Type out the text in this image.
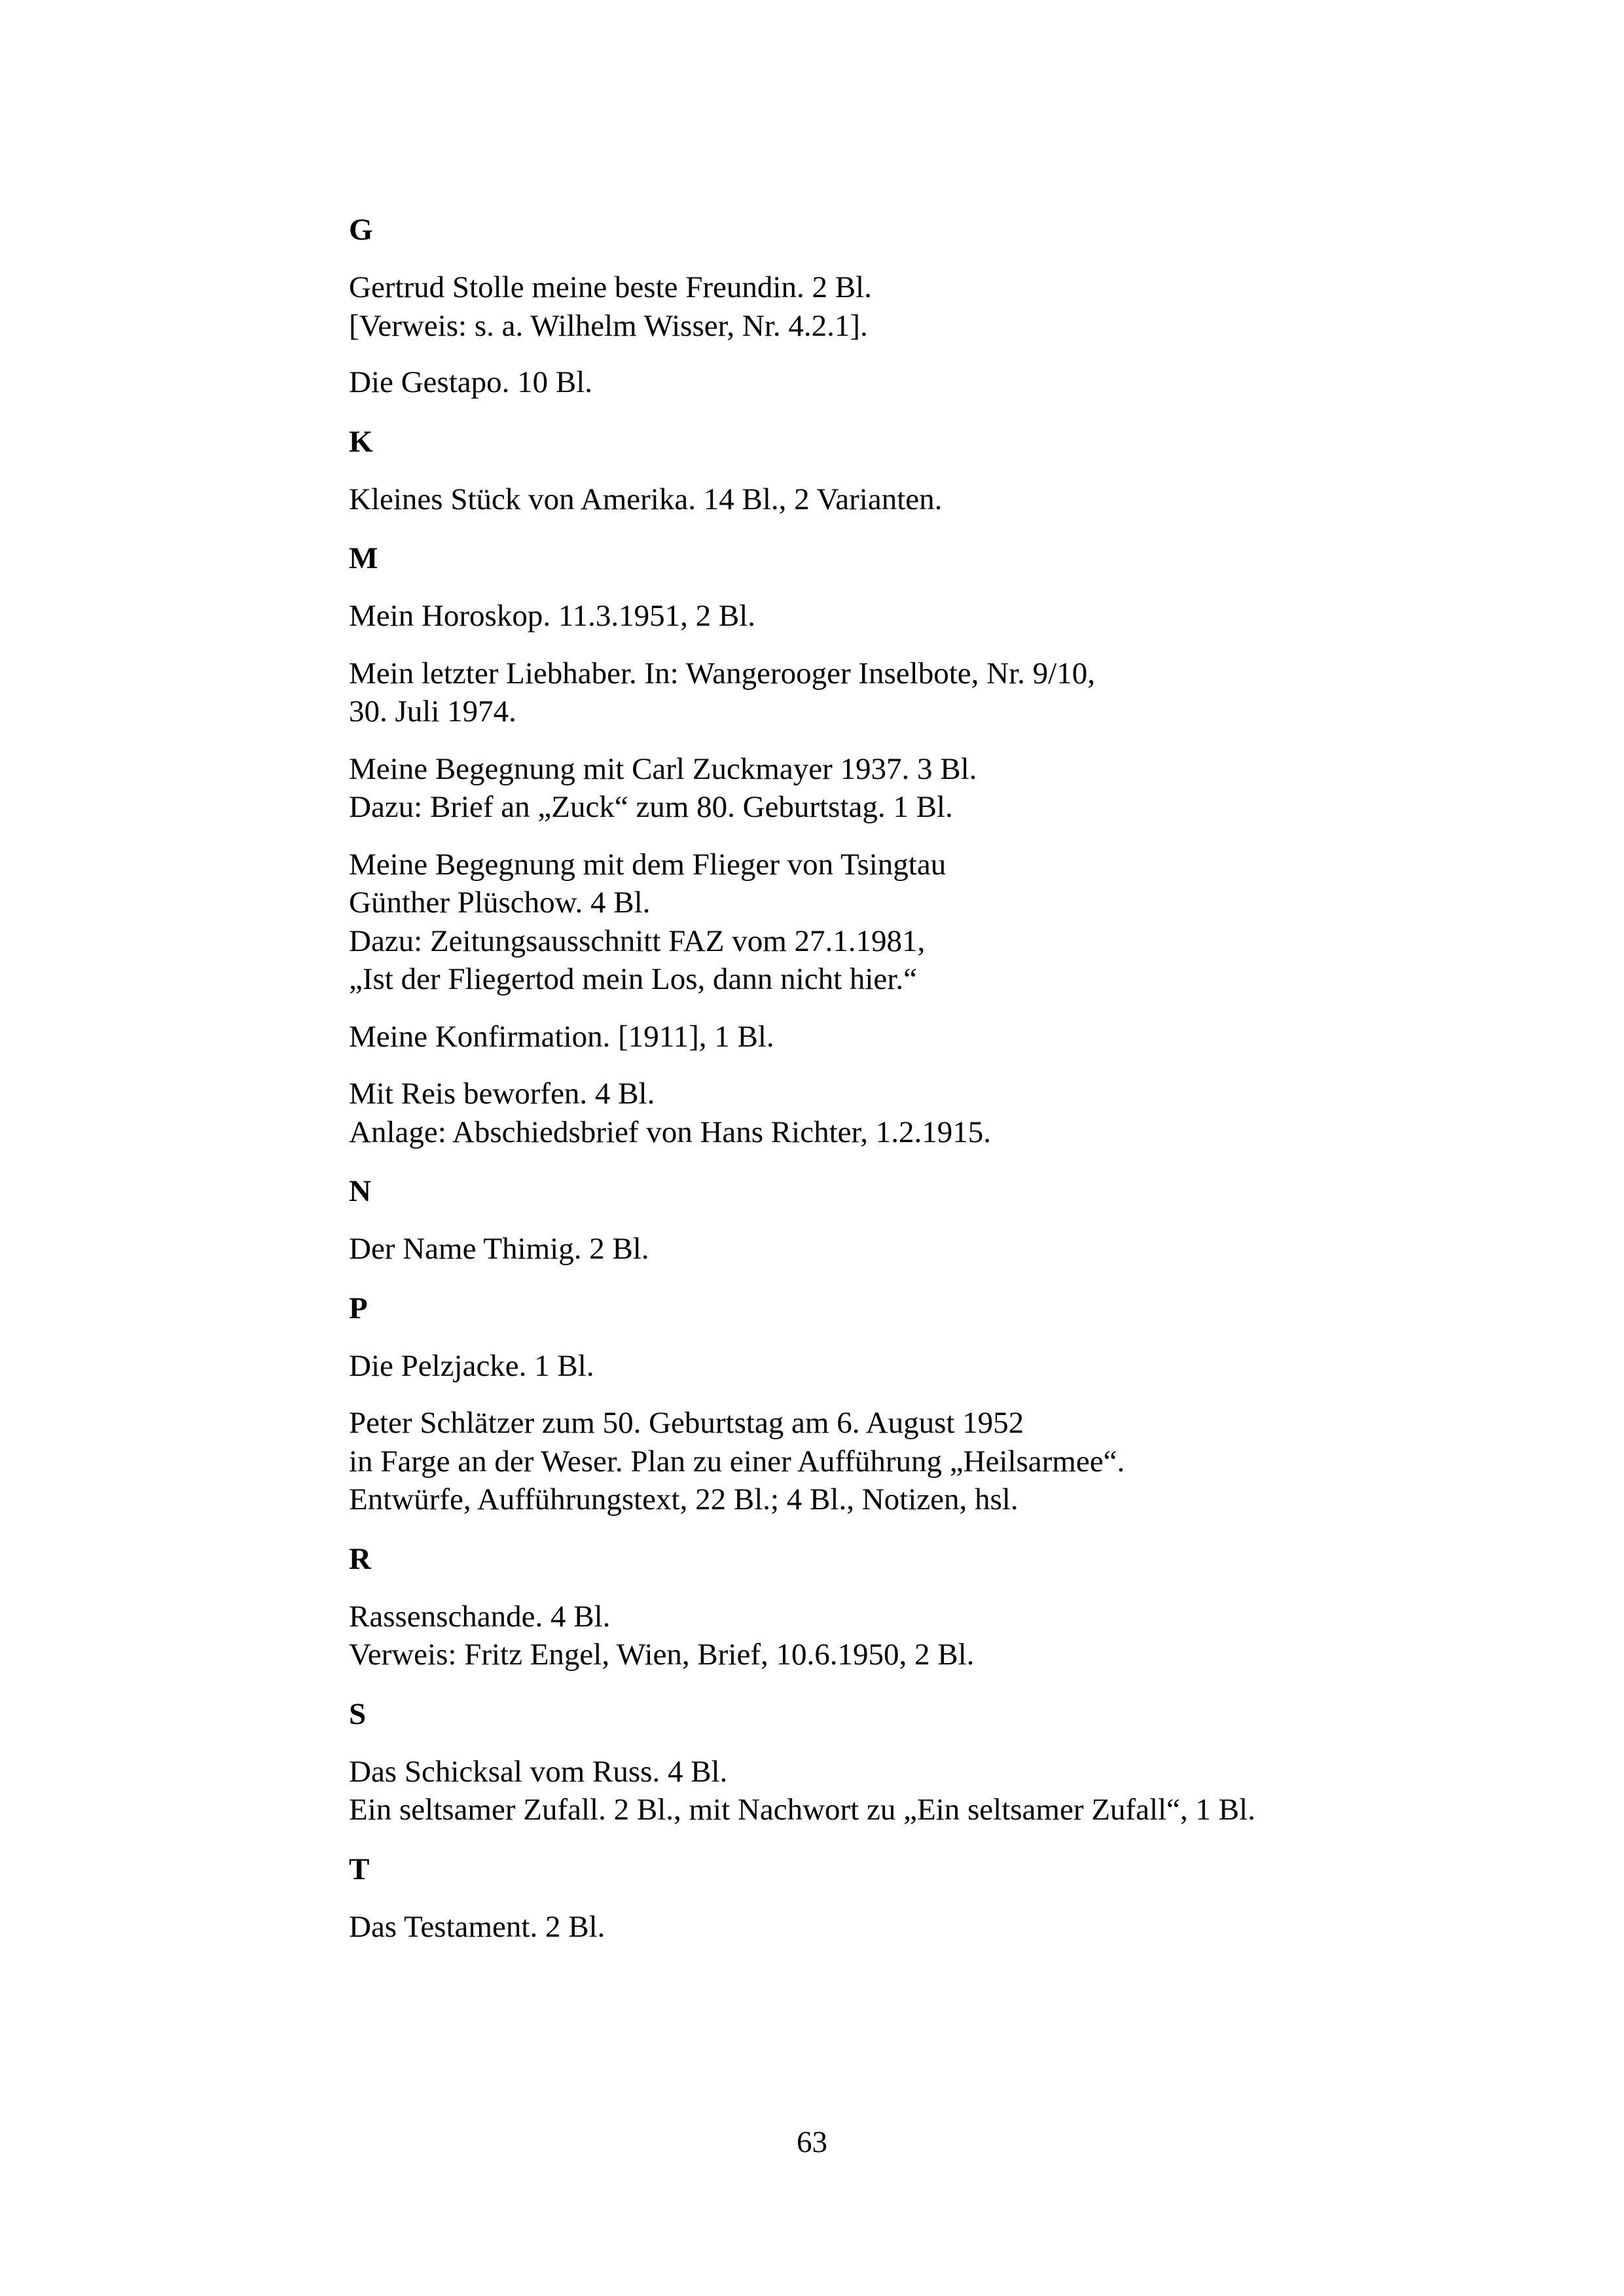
G

Gertrud Stolle meine beste Freundin. 2 Bl.
[Verweis: s. a. Wilhelm Wisser, Nr. 4.2.1].

Die Gestapo. 10 Bl.

K

Kleines Stück von Amerika. 14 Bl., 2 Varianten.

M

Mein Horoskop. 11.3.1951, 2 Bl.

Mein letzter Liebhaber. In: Wangerooger Inselbote, Nr. 9/10,
30. Juli 1974.

Meine Begegnung mit Carl Zuckmayer 1937. 3 Bl.
Dazu: Brief an „Zuck“ zum 80. Geburtstag. 1 Bl.

Meine Begegnung mit dem Flieger von Tsingtau
Günther Plüschow. 4 Bl.
Dazu: Zeitungsausschnitt FAZ vom 27.1.1981,
„Ist der Fliegertod mein Los, dann nicht hier.“

Meine Konfirmation. [1911], 1 Bl.

Mit Reis beworfen. 4 Bl.
Anlage: Abschiedsbrief von Hans Richter, 1.2.1915.

N

Der Name Thimig. 2 Bl.

P

Die Pelzjacke. 1 Bl.

Peter Schlätzer zum 50. Geburtstag am 6. August 1952
in Farge an der Weser. Plan zu einer Aufführung „Heilsarmee“.
Entwürfe, Aufführungstext, 22 Bl.; 4 Bl., Notizen, hsl.

R

Rassenschande. 4 Bl.
Verweis: Fritz Engel, Wien, Brief, 10.6.1950, 2 Bl.

S

Das Schicksal vom Russ. 4 Bl.
Ein seltsamer Zufall. 2 Bl., mit Nachwort zu „Ein seltsamer Zufall“, 1 Bl.

T

Das Testament. 2 Bl.

63
